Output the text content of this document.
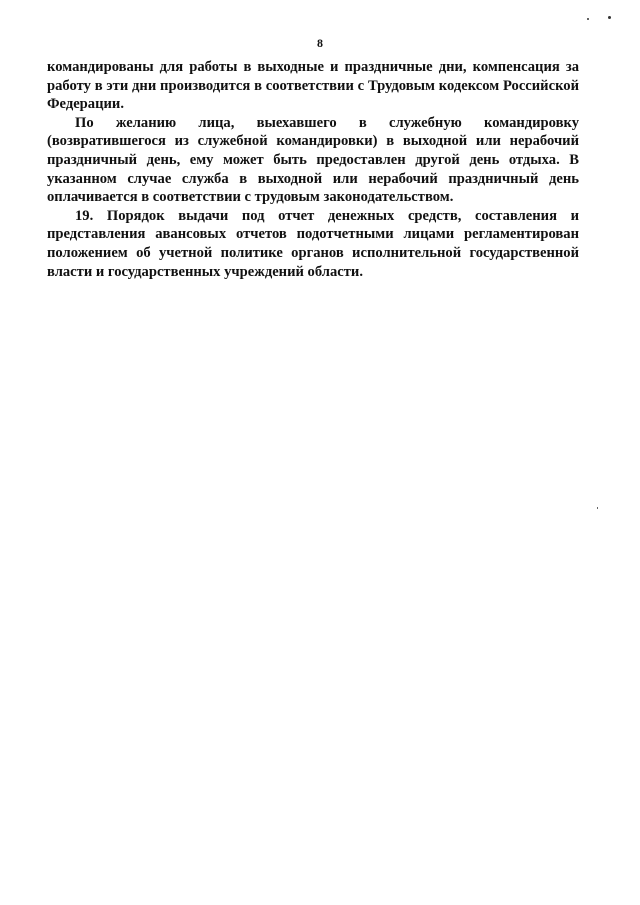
8

командированы для работы в выходные и праздничные дни, компенсация за работу в эти дни производится в соответствии с Трудовым кодексом Российской Федерации.

По желанию лица, выехавшего в служебную командировку (возвратившегося из служебной командировки) в выходной или нерабочий праздничный день, ему может быть предоставлен другой день отдыха. В указанном случае служба в выходной или нерабочий праздничный день оплачивается в соответствии с трудовым законодательством.

19. Порядок выдачи под отчет денежных средств, составления и представления авансовых отчетов подотчетными лицами регламентирован положением об учетной политике органов исполнительной государственной власти и государственных учреждений области.
